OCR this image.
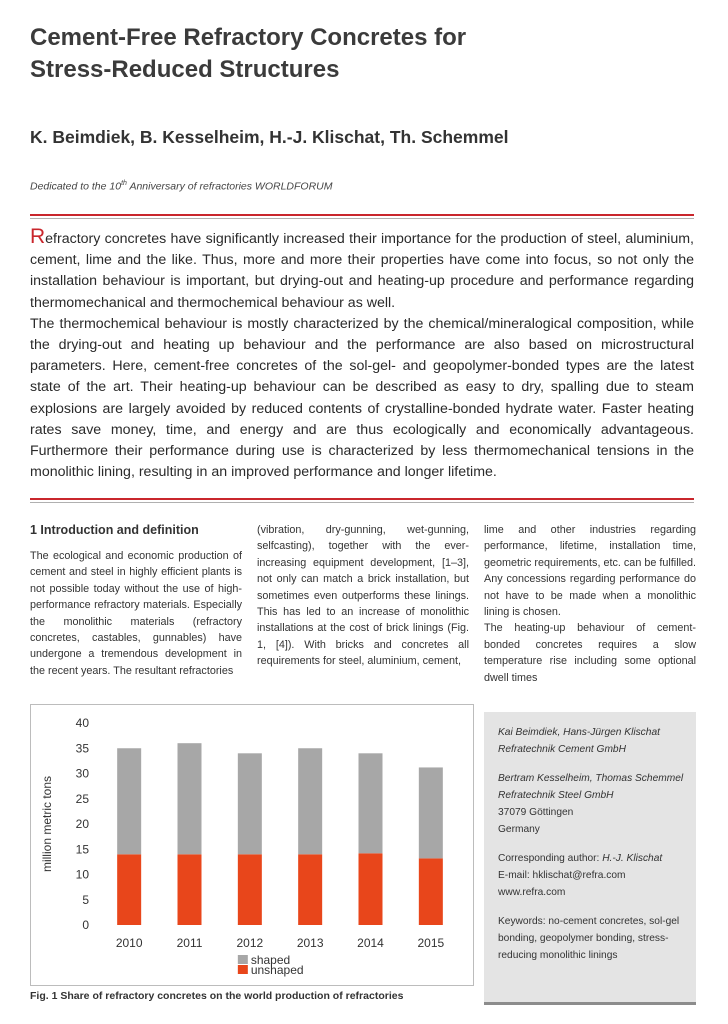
Cement-Free Refractory Concretes for
Stress-Reduced Structures
K. Beimdiek, B. Kesselheim, H.-J. Klischat, Th. Schemmel
Dedicated to the 10th Anniversary of refractories WORLDFORUM

Refractory concretes have significantly increased their importance for the production of steel, aluminium, cement, lime and the like. Thus, more and more their properties have come into focus, so not only the installation behaviour is important, but drying-out and heating-up procedure and performance regarding thermomechanical and thermochemical behaviour as well.

The thermochemical behaviour is mostly characterized by the chemical/mineralogical composition, while the drying-out and heating up behaviour and the performance are also based on microstructural parameters. Here, cement-free concretes of the sol-gel- and geopolymer-bonded types are the latest state of the art. Their heating-up behaviour can be described as easy to dry, spalling due to steam explosions are largely avoided by reduced contents of crystalline-bonded hydrate water. Faster heating rates save money, time, and energy and are thus ecologically and economically advantageous. Furthermore their performance during use is characterized by less thermomechanical tensions in the monolithic lining, resulting in an improved performance and longer lifetime.

1 Introduction and definition

The ecological and economic production of cement and steel in highly efficient plants is not possible today without the use of high-performance refractory materials. Especially the monolithic materials (refractory concretes, castables, gunnables) have undergone a tremendous development in the recent years. The resultant refractories

(vibration, dry-gunning, wet-gunning, selfcasting), together with the ever-increasing equipment development, [1–3], not only can match a brick installation, but sometimes even outperforms these linings. This has led to an increase of monolithic installations at the cost of brick linings (Fig. 1, [4]). With bricks and concretes all requirements for steel, aluminium, cement,

lime and other industries regarding performance, lifetime, installation time, geometric requirements, etc. can be fulfilled. Any concessions regarding performance do not have to be made when a monolithic lining is chosen.

The heating-up behaviour of cement-bonded concretes requires a slow temperature rise including some optional dwell times

0
5
10
15
20
25
30
35
40
million metric tons
2010	2011	2012	2013	2014	2015
shaped
unshaped
Fig. 1 Share of refractory concretes on the world production of refractories
Kai Beimdiek, Hans-Jürgen Klischat
Refratechnik Cement GmbH
Bertram Kesselheim, Thomas Schemmel
Refratechnik Steel GmbH
37079 Göttingen
Germany
Corresponding author: H.-J. Klischat
E-mail: hklischat@refra.com
www.refra.com
Keywords: no-cement concretes, sol-gel bonding, geopolymer bonding, stress-reducing monolithic linings
